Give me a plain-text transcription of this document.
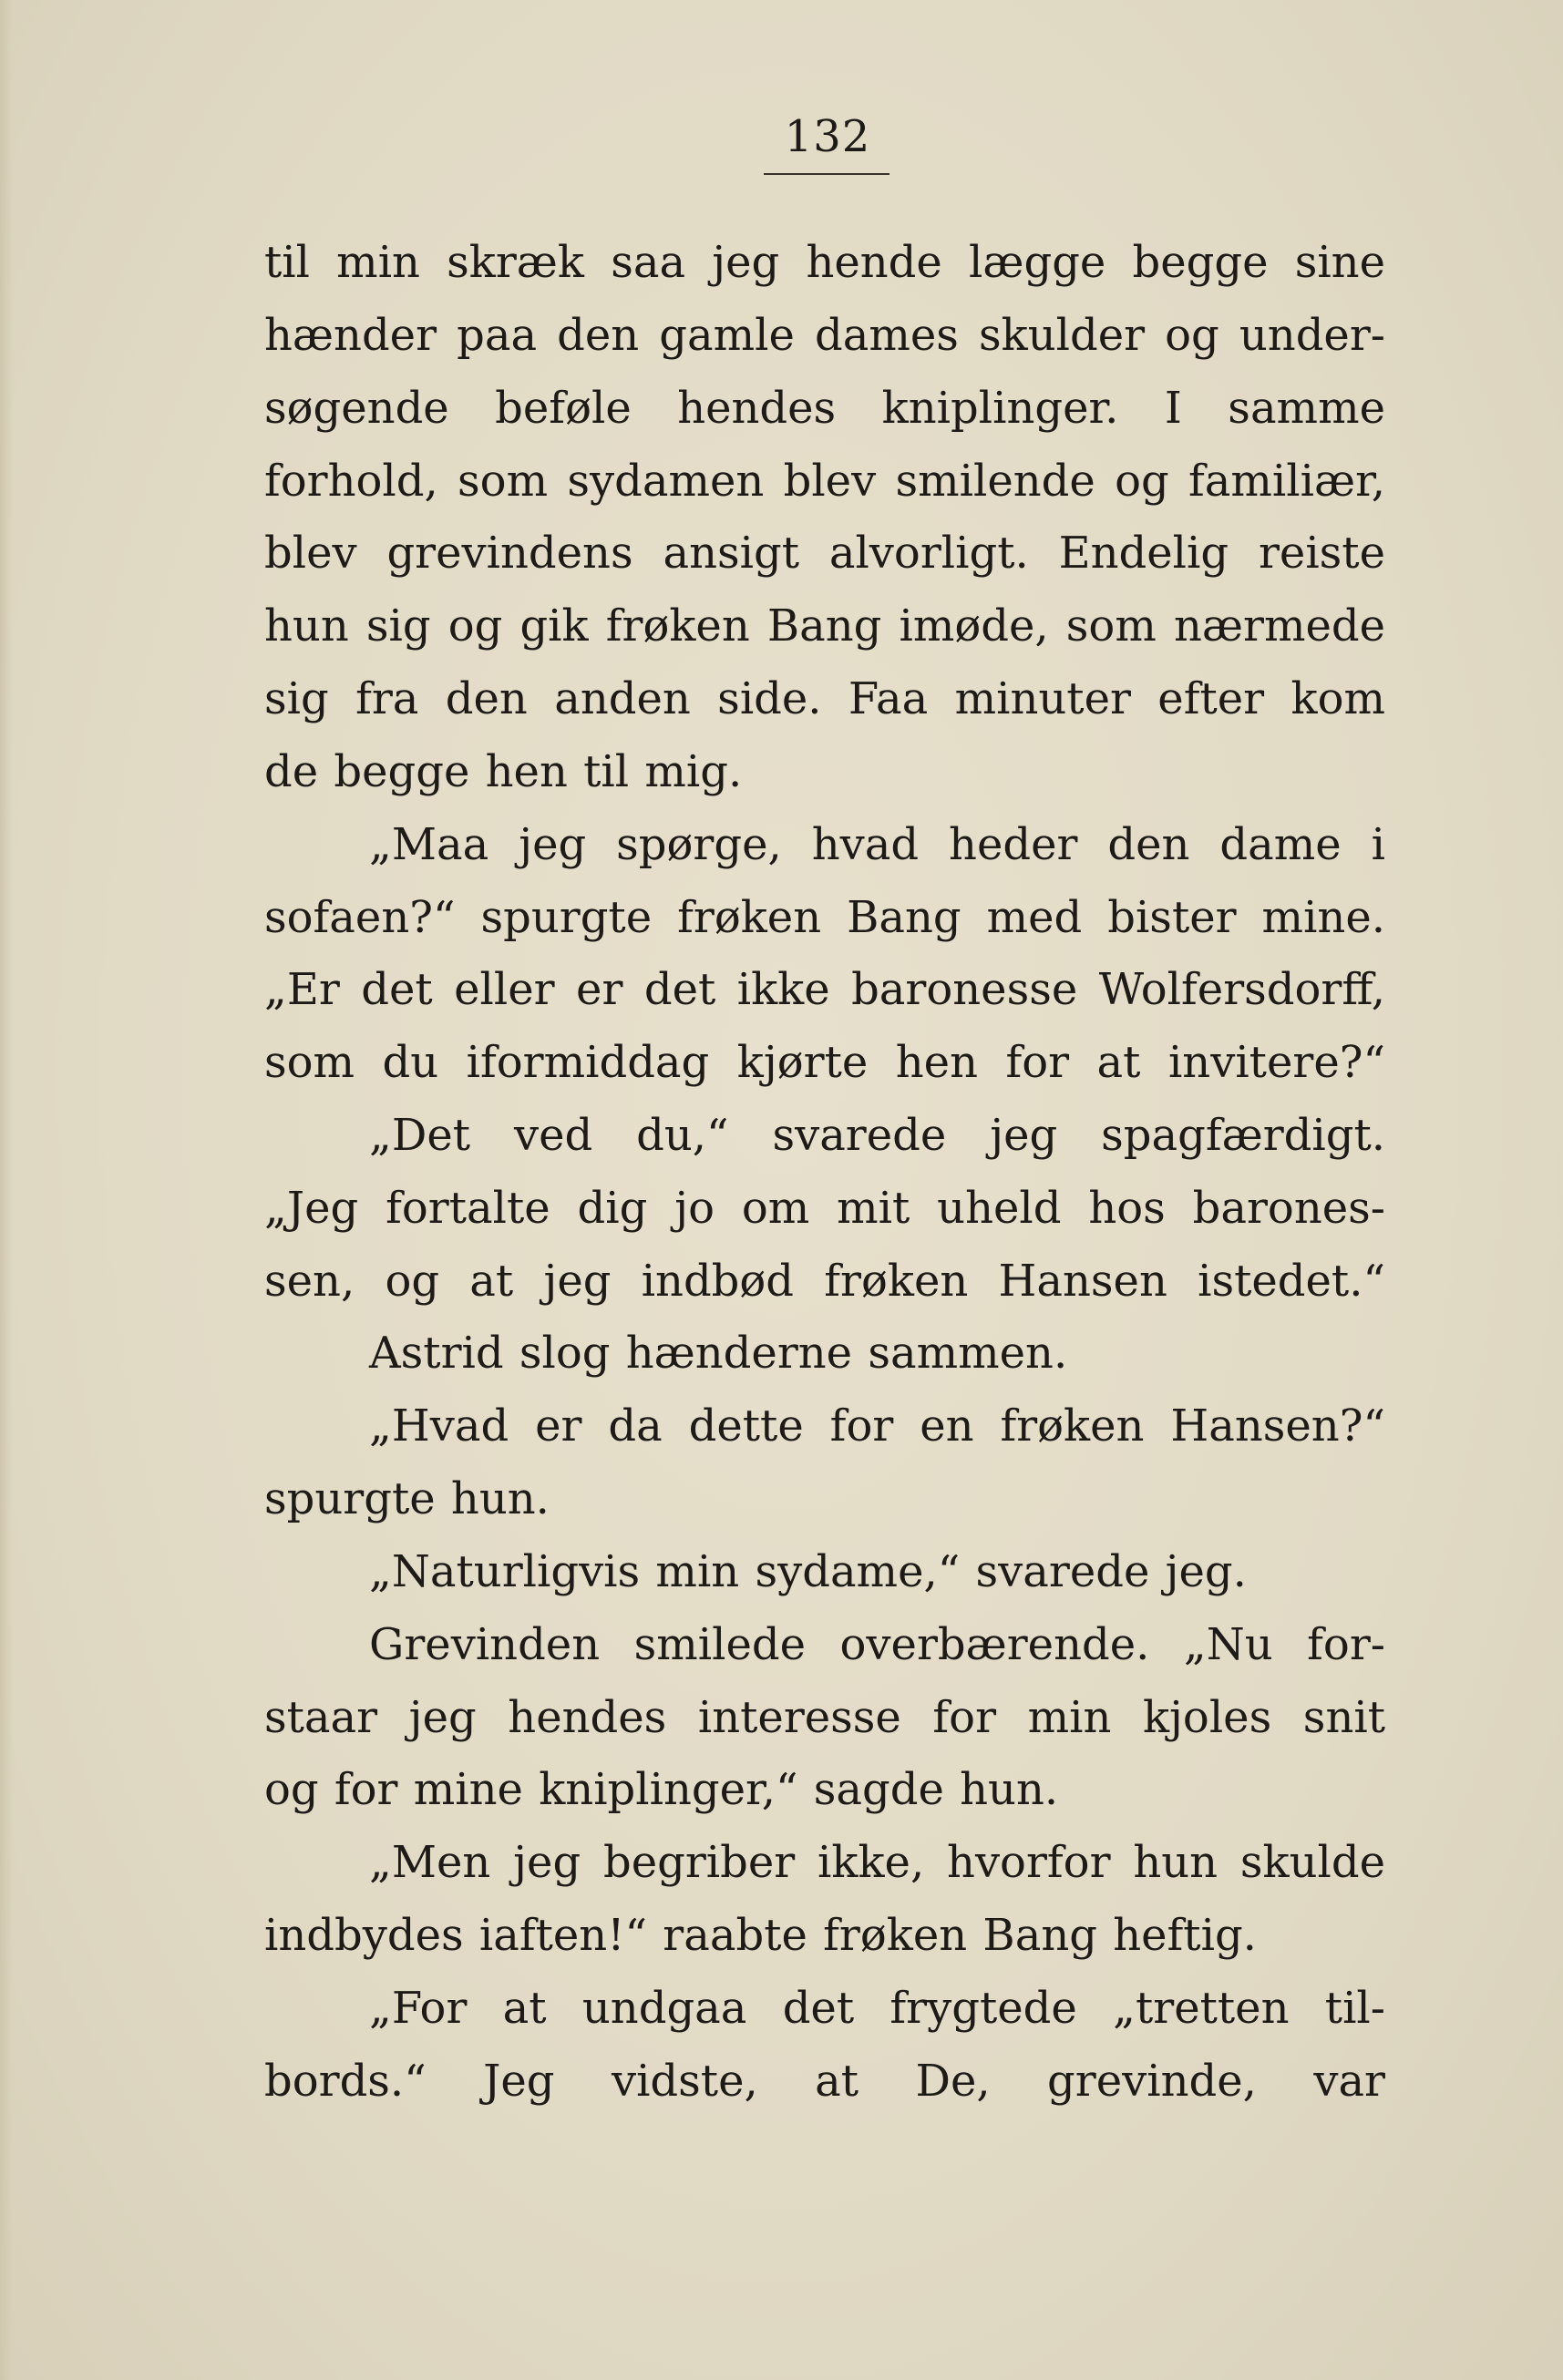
132
til min skræk saa jeg hende lægge begge sine
hænder paa den gamle dames skulder og under-
søgende beføle hendes kniplinger. I samme
forhold, som sydamen blev smilende og familiær,
blev grevindens ansigt alvorligt. Endelig reiste
hun sig og gik frøken Bang imøde, som nærmede
sig fra den anden side. Faa minuter efter kom
de begge hen til mig.
„Maa jeg spørge, hvad heder den dame i
sofaen?“ spurgte frøken Bang med bister mine.
„Er det eller er det ikke baronesse Wolfersdorff,
som du iformiddag kjørte hen for at invitere?“
„Det ved du,“ svarede jeg spagfærdigt.
„Jeg fortalte dig jo om mit uheld hos barones-
sen, og at jeg indbød frøken Hansen istedet.“
Astrid slog hænderne sammen.
„Hvad er da dette for en frøken Hansen?“
spurgte hun.
„Naturligvis min sydame,“ svarede jeg.
Grevinden smilede overbærende. „Nu for-
staar jeg hendes interesse for min kjoles snit
og for mine kniplinger,“ sagde hun.
„Men jeg begriber ikke, hvorfor hun skulde
indbydes iaften!“ raabte frøken Bang heftig.
„For at undgaa det frygtede „tretten til-
bords.“ Jeg vidste, at De, grevinde, var
